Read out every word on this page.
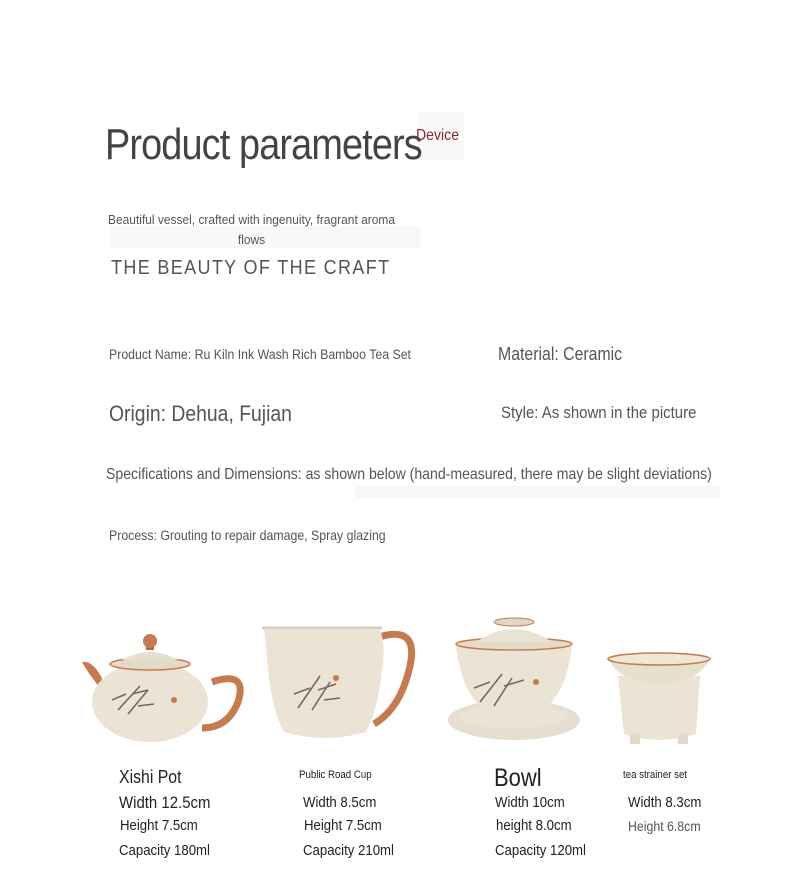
Product parameters
Device
Beautiful vessel, crafted with ingenuity, fragrant aroma flows
THE BEAUTY OF THE CRAFT
Product Name: Ru Kiln Ink Wash Rich Bamboo Tea Set	Material: Ceramic
Origin: Dehua, Fujian	Style: As shown in the picture
Specifications and Dimensions: as shown below (hand-measured, there may be slight deviations)
Process: Grouting to repair damage, Spray glazing
Xishi Pot
Width 12.5cm
Height 7.5cm
Capacity 180ml
Public Road Cup
Width 8.5cm
Height 7.5cm
Capacity 210ml
Bowl
Width 10cm
height 8.0cm
Capacity 120ml
tea strainer set
Width 8.3cm
Height 6.8cm
